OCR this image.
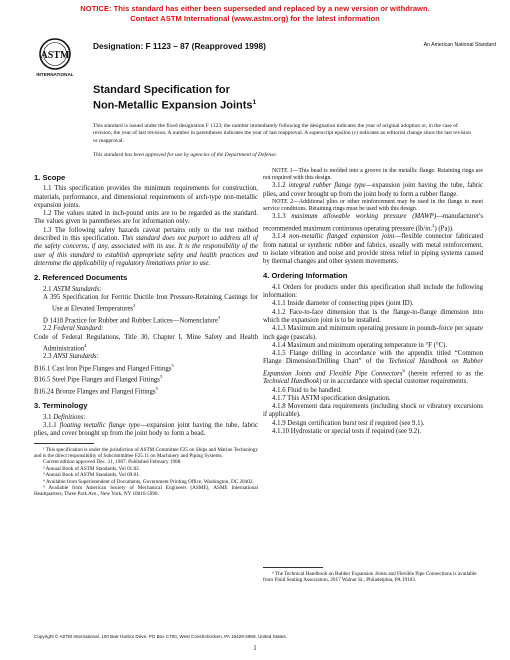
NOTICE: This standard has either been superseded and replaced by a new version or withdrawn.
Contact ASTM International (www.astm.org) for the latest information
ASTM
INTERNATIONAL
Designation: F 1123 – 87 (Reapproved 1998)	An American National Standard
Standard Specification for
Non-Metallic Expansion Joints$^1$
This standard is issued under the fixed designation F 1123; the number immediately following the designation indicates the year of original adoption or, in the case of revision, the year of last revision. A number in parentheses indicates the year of last reapproval. A superscript epsilon (ε) indicates an editorial change since the last revision or reapproval.
This standard has been approved for use by agencies of the Department of Defense.
1. Scope

1.1 This specification provides the minimum requirements for construction, materials, performance, and dimensional requirements of arch-type non-metallic expansion joints.

1.2 The values stated in inch-pound units are to be regarded as the standard. The values given in parentheses are for information only.

1.3 The following safety hazards caveat pertains only to the test method described in this specification. This standard does not purport to address all of the safety concerns, if any, associated with its use. It is the responsibility of the user of this standard to establish appropriate safety and health practices and determine the applicability of regulatory limitations prior to use.

2. Referenced Documents

2.1 ASTM Standards:

A 395 Specification for Ferritic Ductile Iron Pressure-Retaining Castings for Use at Elevated Temperatures$^2$

D 1418 Practice for Rubber and Rubber Latices—Nomenclature$^3$

2.2 Federal Standard:

Code of Federal Regulations, Title 30, Chapter I, Mine Safety and Health Administration$^4$

2.3 ANSI Standards:

B16.1 Cast Iron Pipe Flanges and Flanged Fittings$^5$

B16.5 Steel Pipe Flanges and Flanged Fittings$^5$

B16.24 Bronze Flanges and Flanged Fittings$^5$

3. Terminology

3.1 Definitions:

3.1.1 floating metallic flange type—expansion joint having the tube, fabric plies, and cover brought up from the joint body to form a bead.

¹ This specification is under the jurisdiction of ASTM Committee F25 on Ships and Marine Technology and is the direct responsibility of Subcommittee F25.11 on Machinery and Piping Systems.

Current edition approved Dec. 31, 1987. Published February 1988.

² Annual Book of ASTM Standards, Vol 01.02.

³ Annual Book of ASTM Standards, Vol 09.01.

⁴ Available from Superintendent of Documents, Government Printing Office, Washington, DC 20402.

⁵ Available from American Society of Mechanical Engineers (ASME), ASME International Headquarters, Three Park Ave., New York, NY 10016-5990.

NOTE 1—This bead is molded into a groove in the metallic flange. Retaining rings are not required with this design.

3.1.2 integral rubber flange type—expansion joint having the tube, fabric plies, and cover brought up from the joint body to form a rubber flange.

NOTE 2—Additional plies or other reinforcement may be used in the flange to meet service conditions. Retaining rings must be used with this design.

3.1.3 maximum allowable working pressure (MAWP)—manufacturer's recommended maximum continuous operating pressure (lb/in.$^2$) (Pa)).

3.1.4 non-metallic flanged expansion joint—flexible connector fabricated from natural or synthetic rubber and fabrics, usually with metal reinforcement, to isolate vibration and noise and provide stress relief in piping systems caused by thermal changes and other system movements.

4. Ordering Information

4.1 Orders for products under this specification shall include the following information:

4.1.1 Inside diameter of connecting pipes (joint ID).

4.1.2 Face-to-face dimension that is the flange-to-flange dimension into which the expansion joint is to be installed.

4.1.3 Maximum and minimum operating pressure in pounds-force per square inch gage (pascals).

4.1.4 Maximum and minimum operating temperature in °F (°C).

4.1.5 Flange drilling in accordance with the appendix titled “Common Flange Dimension/Drilling Chart” of the Technical Handbook on Rubber Expansion Joints and Flexible Pipe Connectors$^6$ (herein referred to as the Technical Handbook) or in accordance with special customer requirements.

4.1.6 Fluid to be handled.

4.1.7 This ASTM specification designation.

4.1.8 Movement data requirements (including shock or vibratory excursions if applicable).

4.1.9 Design certification burst test if required (see 9.1).

4.1.10 Hydrostatic or special tests if required (see 9.2).

⁶ The Technical Handbook on Rubber Expansion Joints and Flexible Pipe Connections is available from Fluid Sealing Association, 2017 Walnut St., Philadelphia, PA 19103.

Copyright © ASTM International, 100 Barr Harbor Drive, PO Box C700, West Conshohocken, PA 19428-2959, United States.
1
